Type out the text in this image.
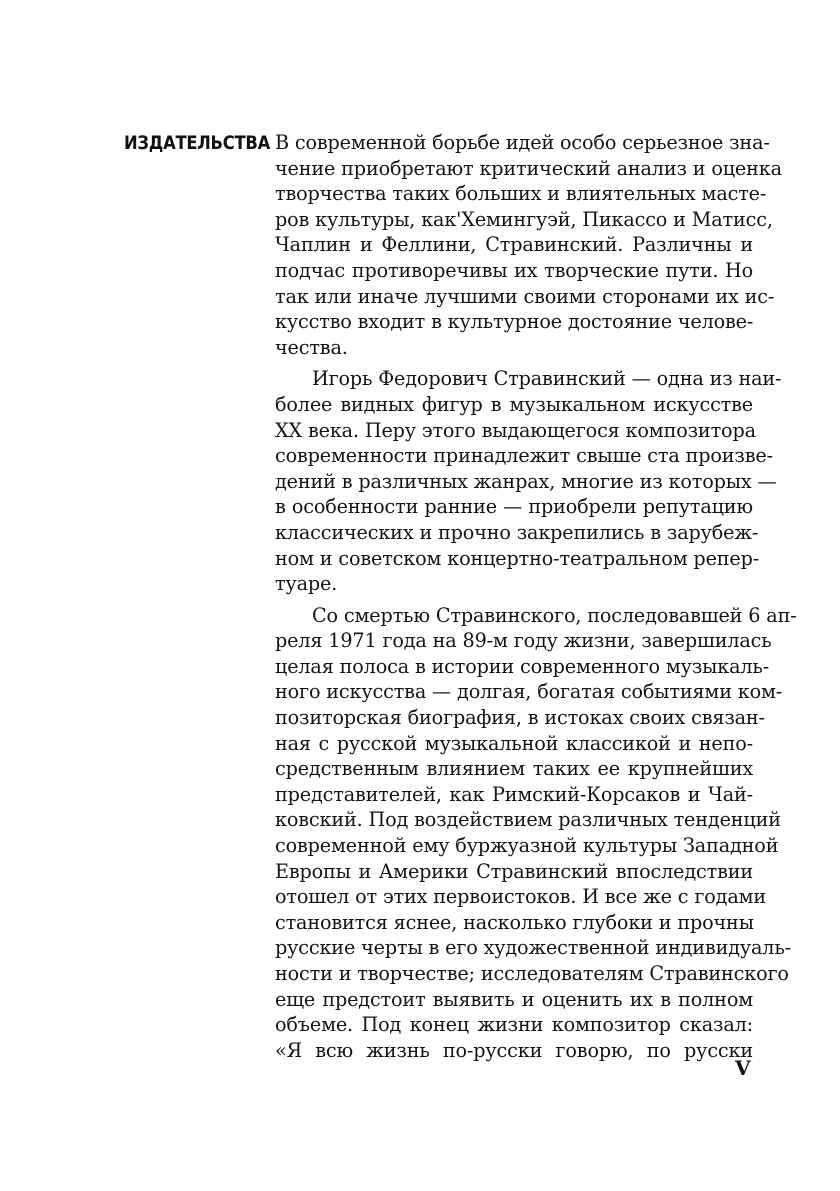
ИЗДАТЕЛЬСТВА В современной борьбе идей особо серьезное зна-
чение приобретают критический анализ и оценка
творчества таких больших и влиятельных масте-
ров культуры, как'Хемингуэй, Пикассо и Матисс,
Чаплин и Феллини, Стравинский. Различны и
подчас противоречивы их творческие пути. Но
так или иначе лучшими своими сторонами их ис-
кусство входит в культурное достояние челове-
чества.
Игорь Федорович Стравинский — одна из наи-
более видных фигур в музыкальном искусстве
XX века. Перу этого выдающегося композитора
современности принадлежит свыше ста произве-
дений в различных жанрах, многие из которых —
в особенности ранние — приобрели репутацию
классических и прочно закрепились в зарубеж-
ном и советском концертно-театральном репер-
туаре.
Со смертью Стравинского, последовавшей 6 ап-
реля 1971 года на 89-м году жизни, завершилась
целая полоса в истории современного музыкаль-
ного искусства — долгая, богатая событиями ком-
позиторская биография, в истоках своих связан-
ная с русской музыкальной классикой и непо-
средственным влиянием таких ее крупнейших
представителей, как Римский-Корсаков и Чай-
ковский. Под воздействием различных тенденций
современной ему буржуазной культуры Западной
Европы и Америки Стравинский впоследствии
отошел от этих первоистоков. И все же с годами
становится яснее, насколько глубоки и прочны
русские черты в его художественной индивидуаль-
ности и творчестве; исследователям Стравинского
еще предстоит выявить и оценить их в полном
объеме. Под конец жизни композитор сказал:
«Я всю жизнь по-русски говорю, по русски

V
